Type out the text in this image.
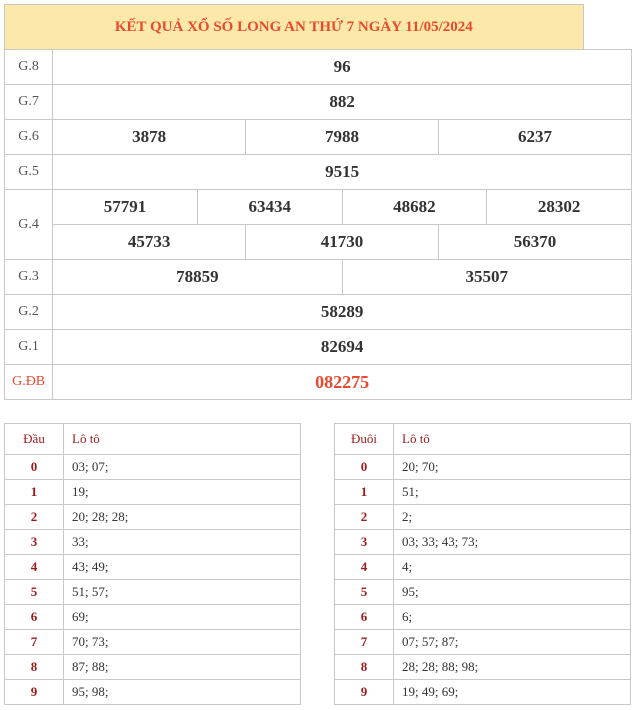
KẾT QUẢ XỔ SỐ LONG AN THỨ 7 NGÀY 11/05/2024						
G.8	96					
G.7	882					
G.6	3878		7988		6237	
G.5	9515					
G.4	57791	63434		48682		28302
	45733		41730		56370	
G.3	78859			35507		
G.2	58289					
G.1	82694					
G.ĐB	082275					
Đầu	Lô tô
0	03; 07;
1	19;
2	20; 28; 28;
3	33;
4	43; 49;
5	51; 57;
6	69;
7	70; 73;
8	87; 88;
9	95; 98;
Đuôi	Lô tô
0	20; 70;
1	51;
2	2;
3	03; 33; 43; 73;
4	4;
5	95;
6	6;
7	07; 57; 87;
8	28; 28; 88; 98;
9	19; 49; 69;
